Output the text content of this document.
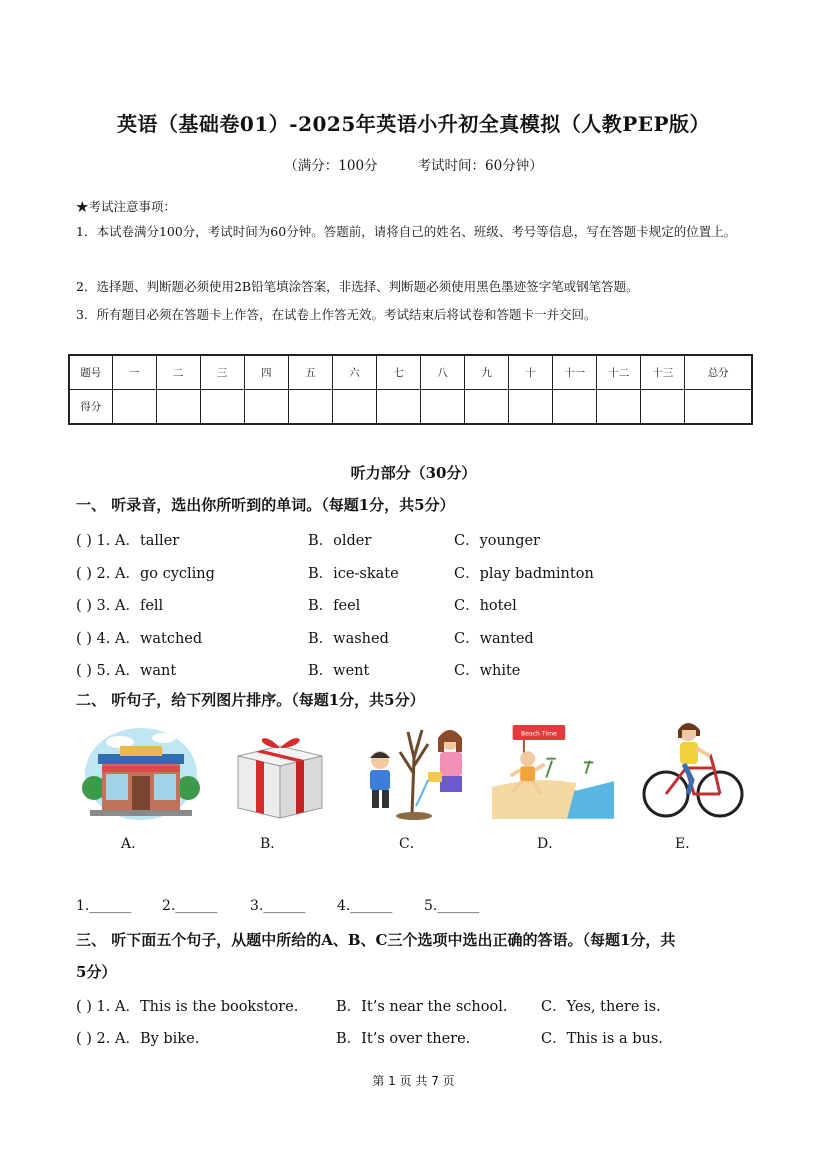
英语（基础卷01）-2025年英语小升初全真模拟（人教PEP版）
（满分：100分	考试时间：60分钟）
★考试注意事项：
1．本试卷满分100分，考试时间为60分钟。答题前，请将自己的姓名、班级、考号等信息，写在答题卡规定的位置上。
2．选择题、判断题必须使用2B铅笔填涂答案，非选择、判断题必须使用黑色墨迹签字笔或钢笔答题。
3．所有题目必须在答题卡上作答，在试卷上作答无效。考试结束后将试卷和答题卡一并交回。
题号	一	二	三	四	五	六	七	八	九	十	十一	十二	十三	总分
得分														
听力部分（30分）
一、 听录音，选出你所听到的单词。（每题1分，共5分）
( ) 1. A．taller	B．older	C．younger
( ) 2. A．go cycling	B．ice-skate	C．play badminton
( ) 3. A．fell	B．feel	C．hotel
( ) 4. A．watched	B．washed	C．wanted
( ) 5. A．want	B．went	C．white
二、 听句子，给下列图片排序。（每题1分，共5分）
Beach Time
A．	B．	C．	D．	E．
1.______ 2.______ 3.______ 4.______ 5.______
三、 听下面五个句子，从题中所给的A、B、C三个选项中选出正确的答语。（每题1分，共
5分）
( ) 1. A．This is the bookstore.	B．It’s near the school. C．Yes, there is.
( ) 2. A．By bike.	B．It’s over there.	C．This is a bus.
第 1 页 共 7 页
